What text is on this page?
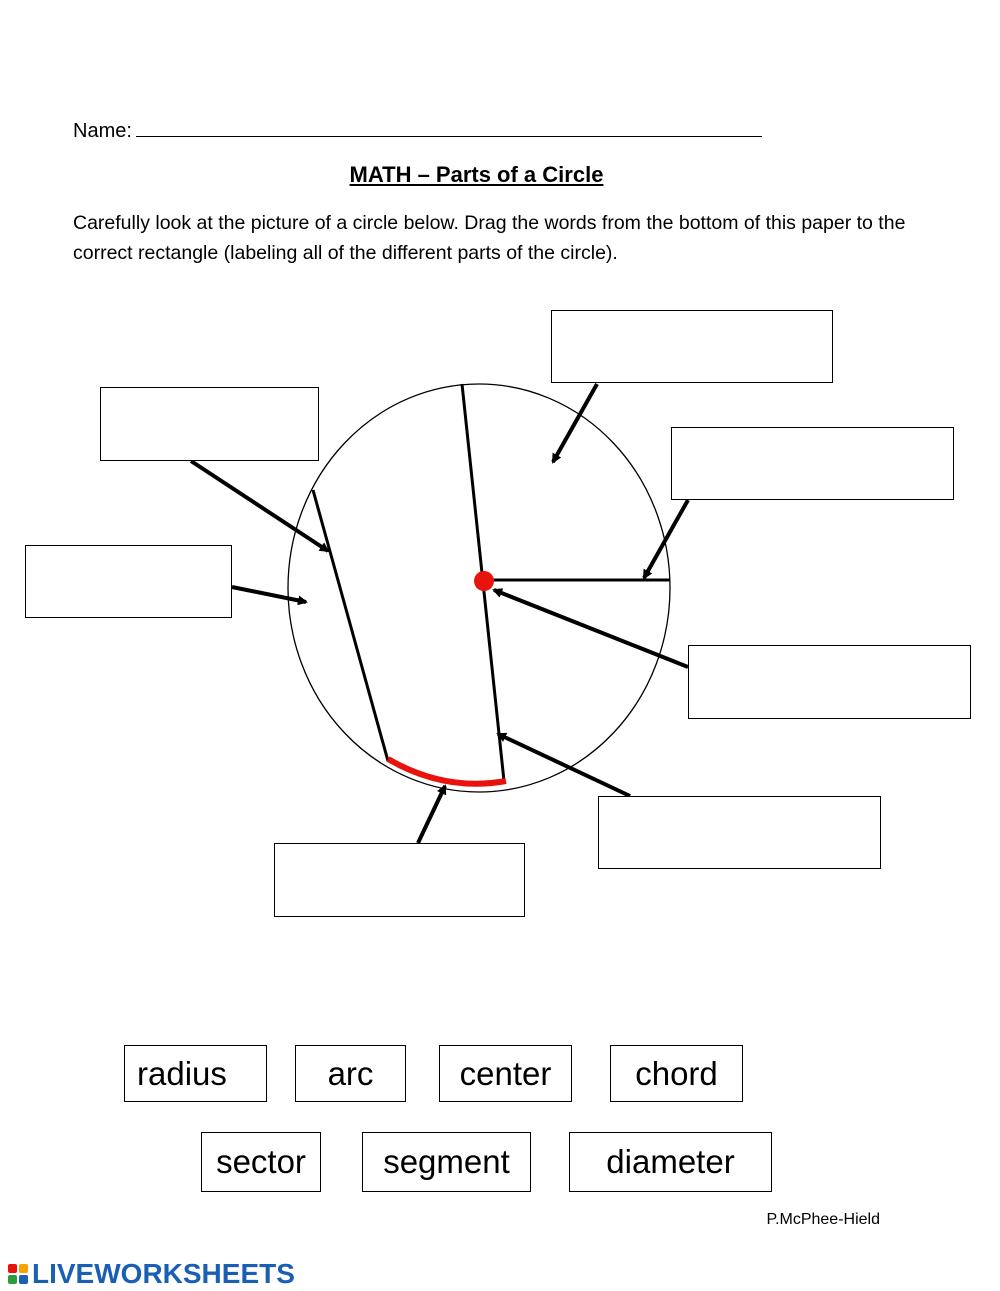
Name:
MATH – Parts of a Circle
Carefully look at the picture of a circle below. Drag the words from the bottom of this paper to the correct rectangle (labeling all of the different parts of the circle).
radius	arc	center	chord
sector	segment	diameter
P.McPhee-Hield
LIVEWORKSHEETS
